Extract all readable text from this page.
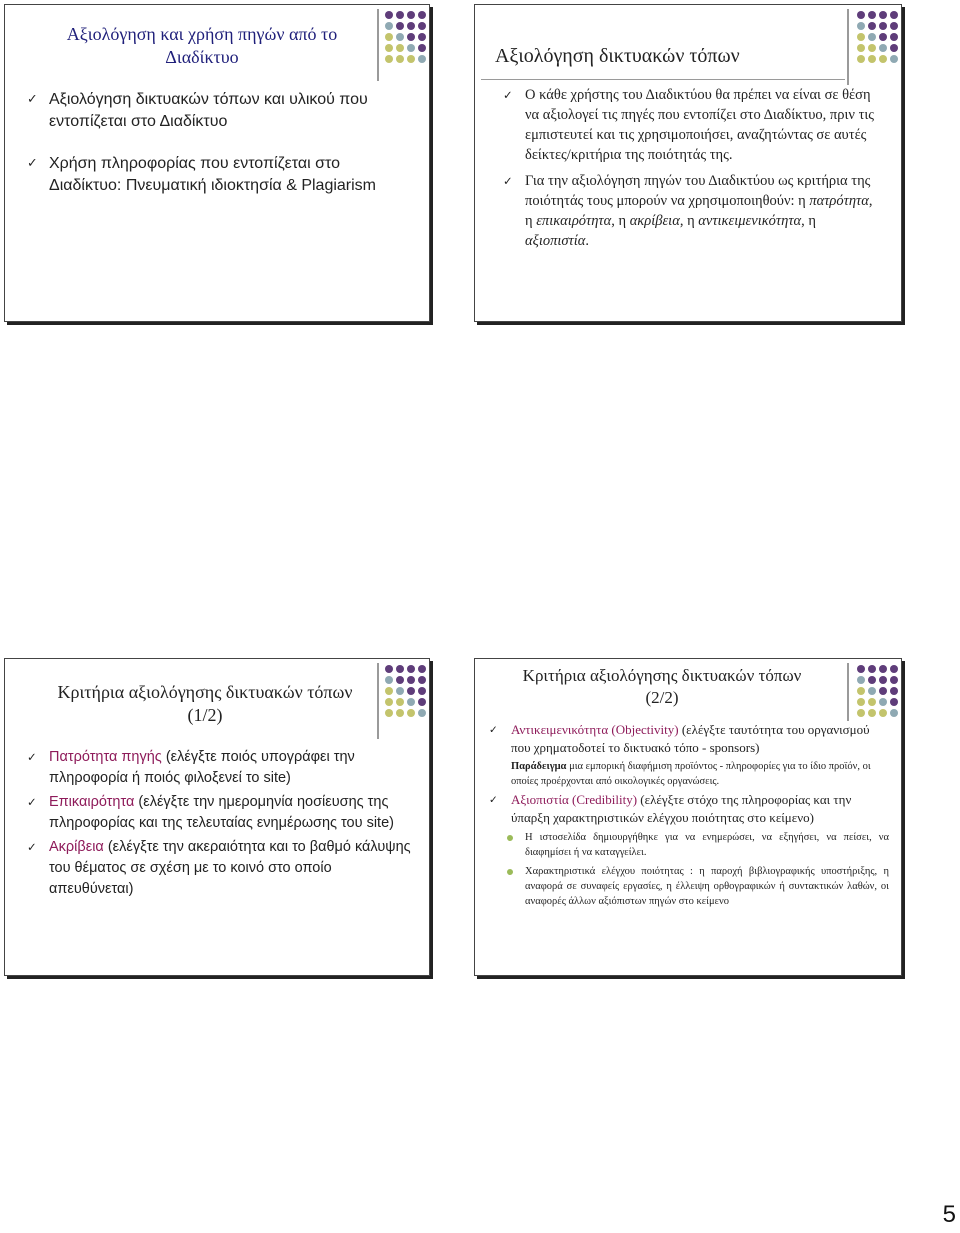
Αξιολόγηση και χρήση πηγών από το Διαδίκτυο
✓ Αξιολόγηση δικτυακών τόπων και υλικού που εντοπίζεται στο Διαδίκτυο
✓ Χρήση πληροφορίας που εντοπίζεται στο Διαδίκτυο: Πνευματική ιδιοκτησία & Plagiarism
Αξιολόγηση δικτυακών τόπων
✓ Ο κάθε χρήστης του Διαδικτύου θα πρέπει να είναι σε θέση να αξιολογεί τις πηγές που εντοπίζει στο Διαδίκτυο, πριν τις εμπιστευτεί και τις χρησιμοποιήσει, αναζητώντας σε αυτές δείκτες/κριτήρια της ποιότητάς της.
✓ Για την αξιολόγηση πηγών του Διαδικτύου ως κριτήρια της ποιότητάς τους μπορούν να χρησιμοποιηθούν: η πατρότητα, η επικαιρότητα, η ακρίβεια, η αντικειμενικότητα, η αξιοπιστία.
Κριτήρια αξιολόγησης δικτυακών τόπων
(1/2)
✓ Πατρότητα πηγής (ελέγξτε ποιός υπογράφει την πληροφορία ή ποιός φιλοξενεί το site)
✓ Επικαιρότητα (ελέγξτε την ημερομηνία ηοσίευσης της πληροφορίας και της τελευταίας ενημέρωσης του site)
✓ Ακρίβεια (ελέγξτε την ακεραιότητα και το βαθμό κάλυψης του θέματος σε σχέση με το κοινό στο οποίο απευθύνεται)
Κριτήρια αξιολόγησης δικτυακών τόπων
(2/2)
✓ Αντικειμενικότητα (Objectivity) (ελέγξτε ταυτότητα του οργανισμού που χρηματοδοτεί το δικτυακό τόπο - sponsors)
Παράδειγμα μια εμπορική διαφήμιση προϊόντος - πληροφορίες για το ίδιο προϊόν, οι οποίες προέρχονται από οικολογικές οργανώσεις.
✓ Αξιοπιστία (Credibility) (ελέγξτε στόχο της πληροφορίας και την ύπαρξη χαρακτηριστικών ελέγχου ποιότητας στο κείμενο)
Η ιστοσελίδα δημιουργήθηκε για να ενημερώσει, να εξηγήσει, να πείσει, να διαφημίσει ή να καταγγείλει.
Χαρακτηριστικά ελέγχου ποιότητας : η παροχή βιβλιογραφικής υποστήριξης, η αναφορά σε συναφείς εργασίες, η έλλειψη ορθογραφικών ή συντακτικών λαθών, οι αναφορές άλλων αξιόπιστων πηγών στο κείμενο
5
